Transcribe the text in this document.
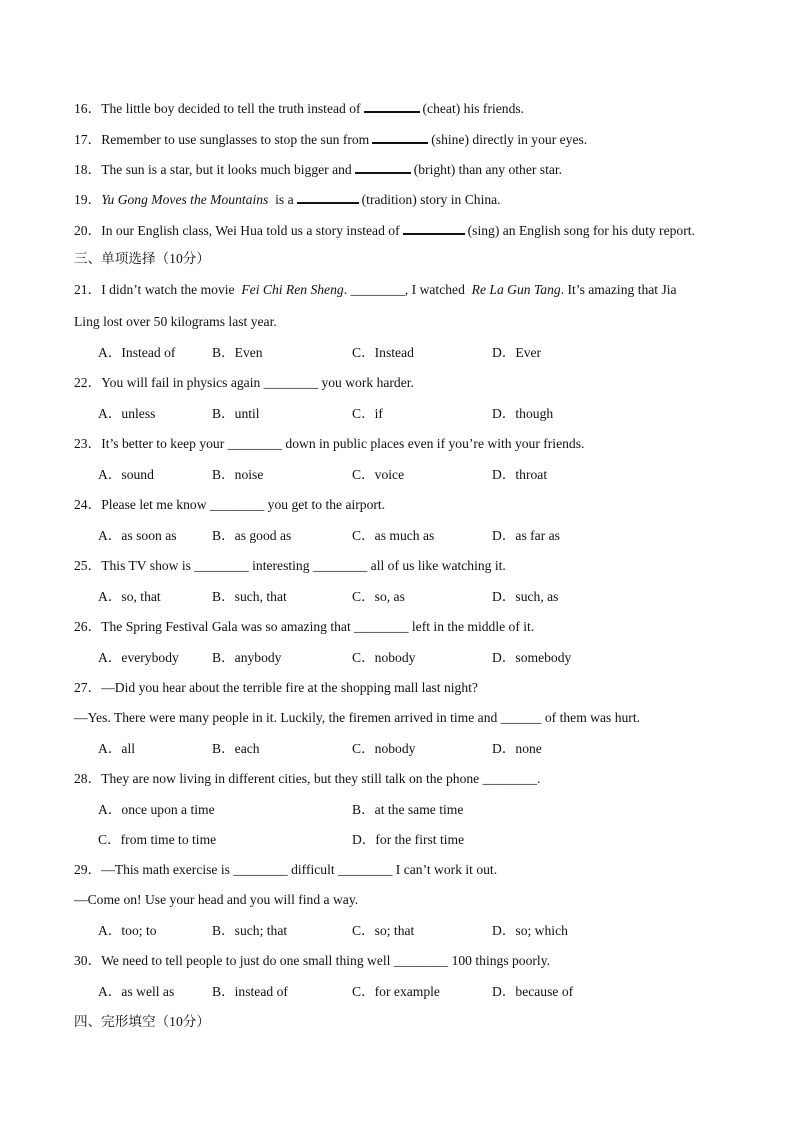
16．The little boy decided to tell the truth instead of	(cheat) his friends.
17．Remember to use sunglasses to stop the sun from	(shine) directly in your eyes.
18．The sun is a star, but it looks much bigger and	(bright) than any other star.
19．Yu Gong Moves the Mountains is a	(tradition) story in China.
20．In our English class, Wei Hua told us a story instead of	(sing) an English song for his duty report.
三、单项选择（10分）
21．I didn’t watch the movie Fei Chi Ren Sheng. ________, I watched Re La Gun Tang. It’s amazing that Jia
Ling lost over 50 kilograms last year.
A．Instead of	B．Even	C．Instead	D．Ever
22．You will fail in physics again ________ you work harder.
A．unless	B．until	C．if	D．though
23．It’s better to keep your ________ down in public places even if you’re with your friends.
A．sound	B．noise	C．voice	D．throat
24．Please let me know ________ you get to the airport.
A．as soon as	B．as good as	C．as much as	D．as far as
25．This TV show is ________ interesting ________ all of us like watching it.
A．so, that	B．such, that	C．so, as	D．such, as
26．The Spring Festival Gala was so amazing that ________ left in the middle of it.
A．everybody B．anybody	C．nobody	D．somebody
27．—Did you hear about the terrible fire at the shopping mall last night?
—Yes. There were many people in it. Luckily, the firemen arrived in time and ______ of them was hurt.
A．all	B．each	C．nobody	D．none
28．They are now living in different cities, but they still talk on the phone ________.
A．once upon a time	B．at the same time
C．from time to time	D．for the first time
29．—This math exercise is ________ difficult ________ I can’t work it out.
—Come on! Use your head and you will find a way.
A．too; to	B．such; that	C．so; that	D．so; which
30．We need to tell people to just do one small thing well ________ 100 things poorly.
A．as well as	B．instead of	C．for example	D．because of
四、完形填空（10分）
